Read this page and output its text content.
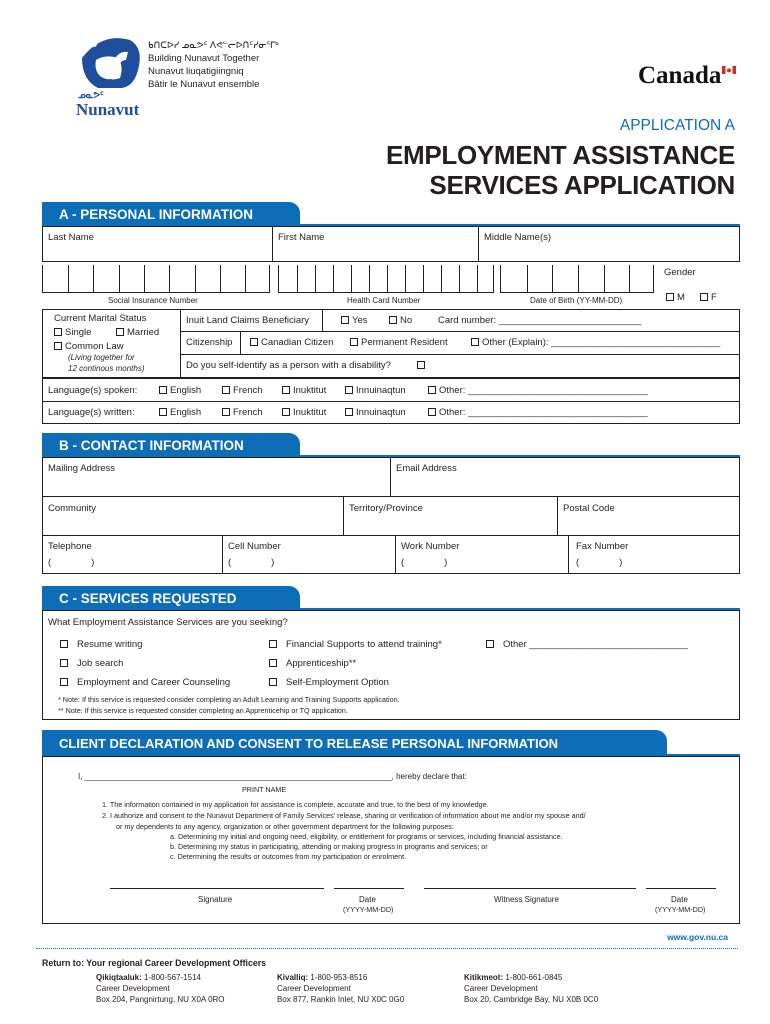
ᓄᓇᕗᑦ
Nunavut
ᑲᑎᑕᐅᓯ ᓄᓇᕗᑦ ᐱᕙᓪᓕᐅᑎᑦᓯᓂᕐᒥᒃ
Building Nunavut Together
Nunavut liuqatigiingniq
Bâtir le Nunavut ensemble	Canada
APPLICATION A
EMPLOYMENT ASSISTANCE
SERVICES APPLICATION
A - PERSONAL INFORMATION
Last Name	First Name	Middle Name(s)
Gender
Social Insurance Number	Health Card Number	Date of Birth (YY-MM-DD)	M	F
Current Marital Status
Single	Married
Common Law
(Living together for
12 continous months)
Inuit Land Claims Beneficiary	Yes	No	Card number: ___________________________
Citizenship	Canadian Citizen	Permanent Resident	Other (Explain): ________________________________
Do you self-identify as a person with a disability?
Language(s) spoken:	English	French	Inuktitut	Innuinaqtun	Other: __________________________________
Language(s) written:	English	French	Inuktitut	Innuinaqtun	Other: __________________________________
B - CONTACT INFORMATION
Mailing Address	Email Address
Community	Territory/Province	Postal Code
Telephone
(	)
Cell Number
(	)
Work Number
(	)
Fax Number
(	)
C - SERVICES REQUESTED
What Employment Assistance Services are you seeking?
Resume writing	Financial Supports to attend training*	Other ______________________________
Job search	Apprenticeship**
Employment and Career Counseling	Self-Employment Option
* Note: If this service is requested consider completing an Adult Learning and Training Supports application.
** Note: If this service is requested consider completing an Apprenticehip or TQ application.
CLIENT DECLARATION AND CONSENT TO RELEASE PERSONAL INFORMATION
I, _____________________________________________________________________, hereby declare that:
PRINT NAME
1. The information contained in my application for assistance is complete, accurate and true, to the best of my knowledge.
2. I authorize and consent to the Nunavut Department of Family Services' release, sharing or verification of information about me and/or my spouse and/
or my dependents to any agency, organization or other government department for the following purposes:
a. Determining my initial and ongoing need, eligibility, or entitlement for programs or services, including financial assistance.
b. Determining my status in participating, attending or making progress in programs and services; or
c. Determining the results or outcomes from my participation or enrolment.
Signature	Date
(YYYY-MM-DD)
Witness Signature	Date
(YYYY-MM-DD)
www.gov.nu.ca
Return to: Your regional Career Development Officers
Qikiqtaaluk: 1-800-567-1514
Career Development
Box 204, Pangnirtung, NU X0A 0RO
Kivalliq: 1-800-953-8516
Career Development
Box 877, Rankin Inlet, NU X0C 0G0
Kitikmeot: 1-800-661-0845
Career Development
Box 20, Cambridge Bay, NU X0B 0C0
